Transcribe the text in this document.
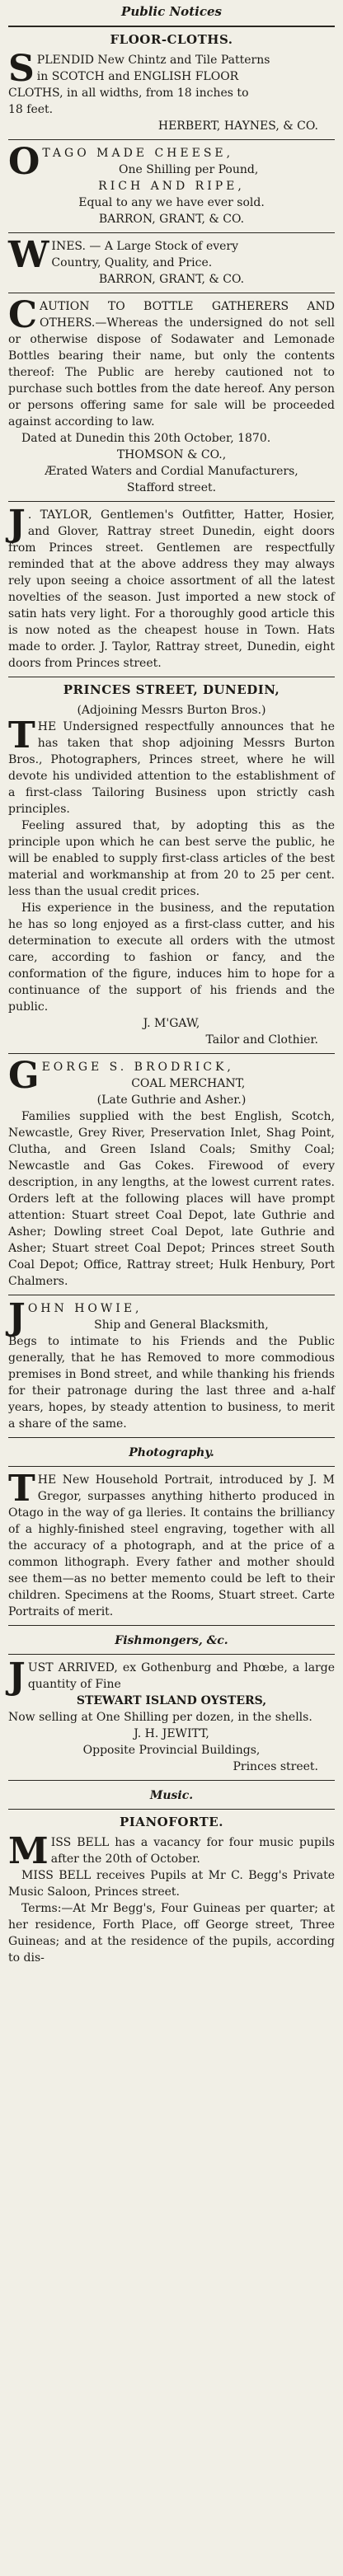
Public Notices
FLOOR-CLOTHS.
S PLENDID New Chintz and Tile Patterns

in SCOTCH and ENGLISH FLOOR

CLOTHS, in all widths, from 18 inches to

18 feet.

HERBERT, HAYNES, & CO.
O TAGO MADE CHEESE,

One Shilling per Pound,

RICH AND RIPE,

Equal to any we have ever sold.

BARRON, GRANT, & CO.
W INES. — A Large Stock of every

Country, Quality, and Price.

BARRON, GRANT, & CO.
C AUTION TO BOTTLE GATHERERS AND OTHERS.—Whereas the undersigned do not sell or otherwise dispose of Sodawater and Lemonade Bottles bearing their name, but only the contents thereof: The Public are hereby cautioned not to purchase such bottles from the date hereof. Any person or persons offering same for sale will be proceeded against according to law.

Dated at Dunedin this 20th October, 1870.

THOMSON & CO.,
Ærated Waters and Cordial Manufacturers,
Stafford street.
J . TAYLOR, Gentlemen's Outfitter, Hatter, Hosier, and Glover, Rattray street Dunedin, eight doors from Princes street. Gentlemen are respectfully reminded that at the above address they may always rely upon seeing a choice assortment of all the latest novelties of the season. Just imported a new stock of satin hats very light. For a thoroughly good article this is now noted as the cheapest house in Town. Hats made to order. J. Taylor, Rattray street, Dunedin, eight doors from Princes street.

PRINCES STREET, DUNEDIN,
(Adjoining Messrs Burton Bros.)
T HE Undersigned respectfully announces that he has taken that shop adjoining Messrs Burton Bros., Photographers, Princes street, where he will devote his undivided attention to the establishment of a first-class Tailoring Business upon strictly cash principles.

Feeling assured that, by adopting this as the principle upon which he can best serve the public, he will be enabled to supply first-class articles of the best material and workmanship at from 20 to 25 per cent. less than the usual credit prices.

His experience in the business, and the reputation he has so long enjoyed as a first-class cutter, and his determination to execute all orders with the utmost care, according to fashion or fancy, and the conformation of the figure, induces him to hope for a continuance of the support of his friends and the public.

J. M'GAW,
Tailor and Clothier.
G EORGE S. BRODRICK,

COAL MERCHANT,

(Late Guthrie and Asher.)

Families supplied with the best English, Scotch, Newcastle, Grey River, Preservation Inlet, Shag Point, Clutha, and Green Island Coals; Smithy Coal; Newcastle and Gas Cokes. Firewood of every description, in any lengths, at the lowest current rates. Orders left at the following places will have prompt attention: Stuart street Coal Depot, late Guthrie and Asher; Dowling street Coal Depot, late Guthrie and Asher; Stuart street Coal Depot; Princes street South Coal Depot; Office, Rattray street; Hulk Henbury, Port Chalmers.

J OHN HOWIE,

Ship and General Blacksmith,

Begs to intimate to his Friends and the Public generally, that he has Removed to more commodious premises in Bond street, and while thanking his friends for their patronage during the last three and a-half years, hopes, by steady attention to business, to merit a share of the same.

Photography.
T HE New Household Portrait, introduced by J. M Gregor, surpasses anything hitherto produced in Otago in the way of ga lleries. It contains the brilliancy of a highly-finished steel engraving, together with all the accuracy of a photograph, and at the price of a common lithograph. Every father and mother should see them—as no better memento could be left to their children. Specimens at the Rooms, Stuart street. Carte Portraits of merit.

Fishmongers, &c.
J UST ARRIVED, ex Gothenburg and Phœbe, a large quantity of Fine

STEWART ISLAND OYSTERS,

Now selling at One Shilling per dozen, in the shells.

J. H. JEWITT,
Opposite Provincial Buildings,
Princes street.
Music.
PIANOFORTE.
M ISS BELL has a vacancy for four music pupils after the 20th of October.

MISS BELL receives Pupils at Mr C. Begg's Private Music Saloon, Princes street.

Terms:—At Mr Begg's, Four Guineas per quarter; at her residence, Forth Place, off George street, Three Guineas; and at the residence of the pupils, according to dis-
